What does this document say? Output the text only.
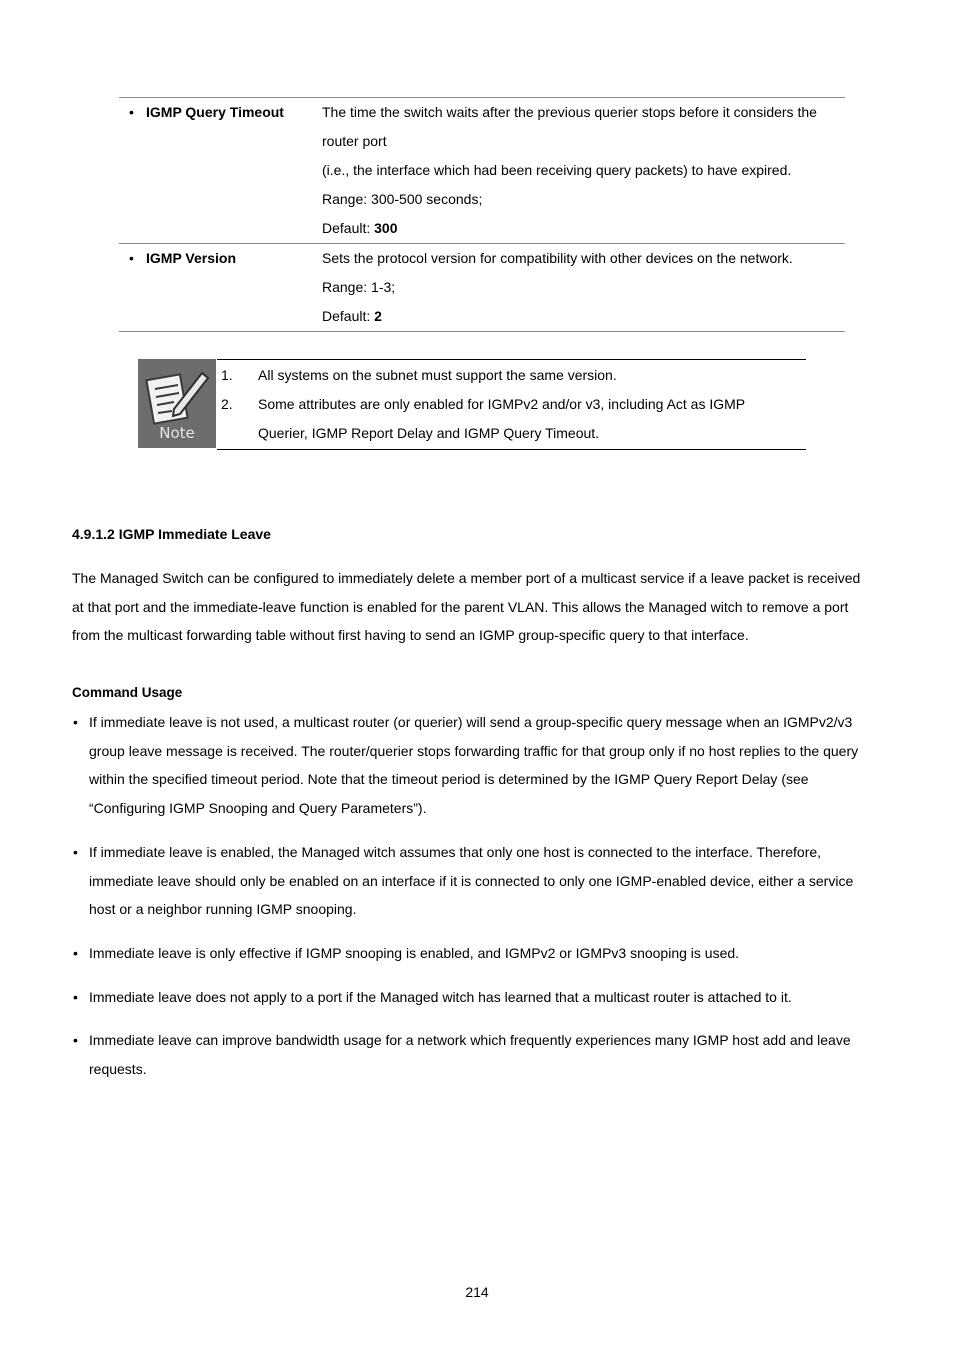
• IGMP Query Timeout	The time the switch waits after the previous querier stops before it considers the
router port
(i.e., the interface which had been receiving query packets) to have expired.
Range: 300-500 seconds;
Default: 300
• IGMP Version	Sets the protocol version for compatibility with other devices on the network.
Range: 1-3;
Default: 2
Note
1. All systems on the subnet must support the same version.
2. Some attributes are only enabled for IGMPv2 and/or v3, including Act as IGMP
Querier, IGMP Report Delay and IGMP Query Timeout.
4.9.1.2 IGMP Immediate Leave
The Managed Switch can be configured to immediately delete a member port of a multicast service if a leave packet is received
at that port and the immediate-leave function is enabled for the parent VLAN. This allows the Managed witch to remove a port
from the multicast forwarding table without first having to send an IGMP group-specific query to that interface.
Command Usage
• If immediate leave is not used, a multicast router (or querier) will send a group-specific query message when an IGMPv2/v3
group leave message is received. The router/querier stops forwarding traffic for that group only if no host replies to the query
within the specified timeout period. Note that the timeout period is determined by the IGMP Query Report Delay (see
“Configuring IGMP Snooping and Query Parameters”).
• If immediate leave is enabled, the Managed witch assumes that only one host is connected to the interface. Therefore,
immediate leave should only be enabled on an interface if it is connected to only one IGMP-enabled device, either a service
host or a neighbor running IGMP snooping.
• Immediate leave is only effective if IGMP snooping is enabled, and IGMPv2 or IGMPv3 snooping is used.
• Immediate leave does not apply to a port if the Managed witch has learned that a multicast router is attached to it.
• Immediate leave can improve bandwidth usage for a network which frequently experiences many IGMP host add and leave
requests.
214
